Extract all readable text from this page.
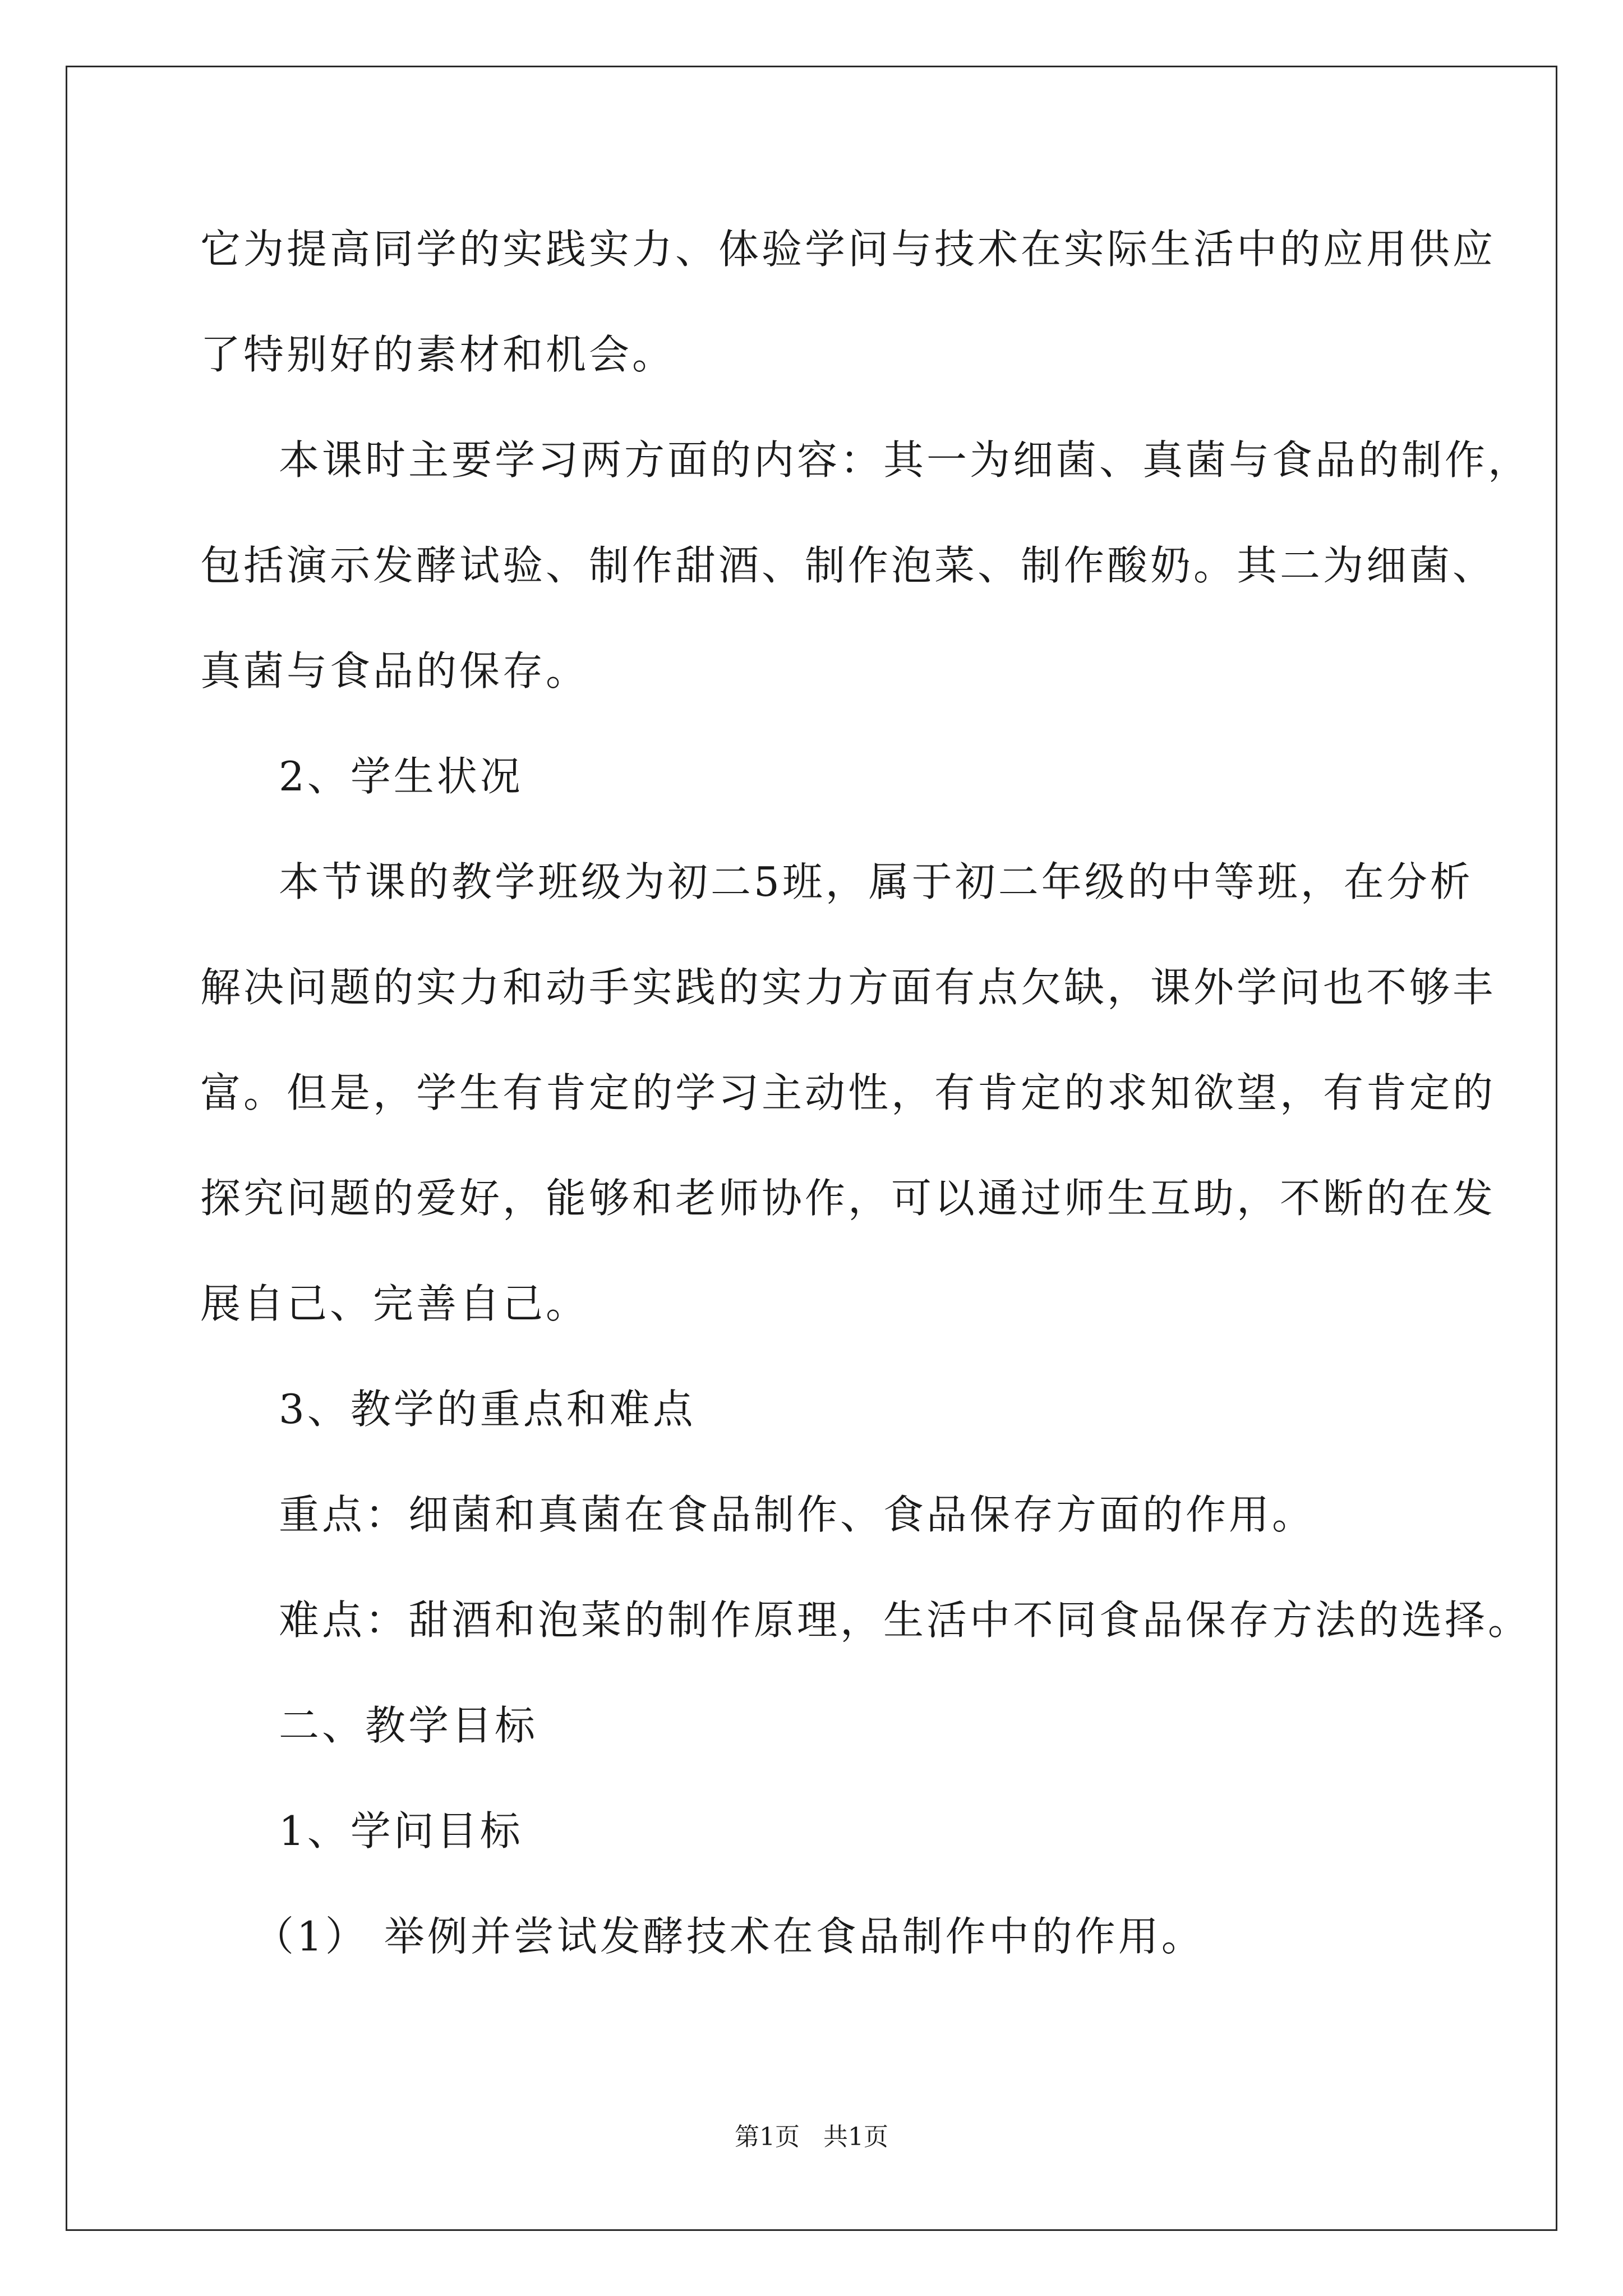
它为提高同学的实践实力、体验学问与技术在实际生活中的应用供应
了特别好的素材和机会。
本课时主要学习两方面的内容：其一为细菌、真菌与食品的制作，
包括演示发酵试验、制作甜酒、制作泡菜、制作酸奶。其二为细菌、
真菌与食品的保存。
2、学生状况
本节课的教学班级为初二5班，属于初二年级的中等班，在分析
解决问题的实力和动手实践的实力方面有点欠缺，课外学问也不够丰
富。但是，学生有肯定的学习主动性，有肯定的求知欲望，有肯定的
探究问题的爱好，能够和老师协作，可以通过师生互助，不断的在发
展自己、完善自己。
3、教学的重点和难点
重点：细菌和真菌在食品制作、食品保存方面的作用。
难点：甜酒和泡菜的制作原理，生活中不同食品保存方法的选择。
二、教学目标
1、学问目标
（1） 举例并尝试发酵技术在食品制作中的作用。
第1页   共1页
